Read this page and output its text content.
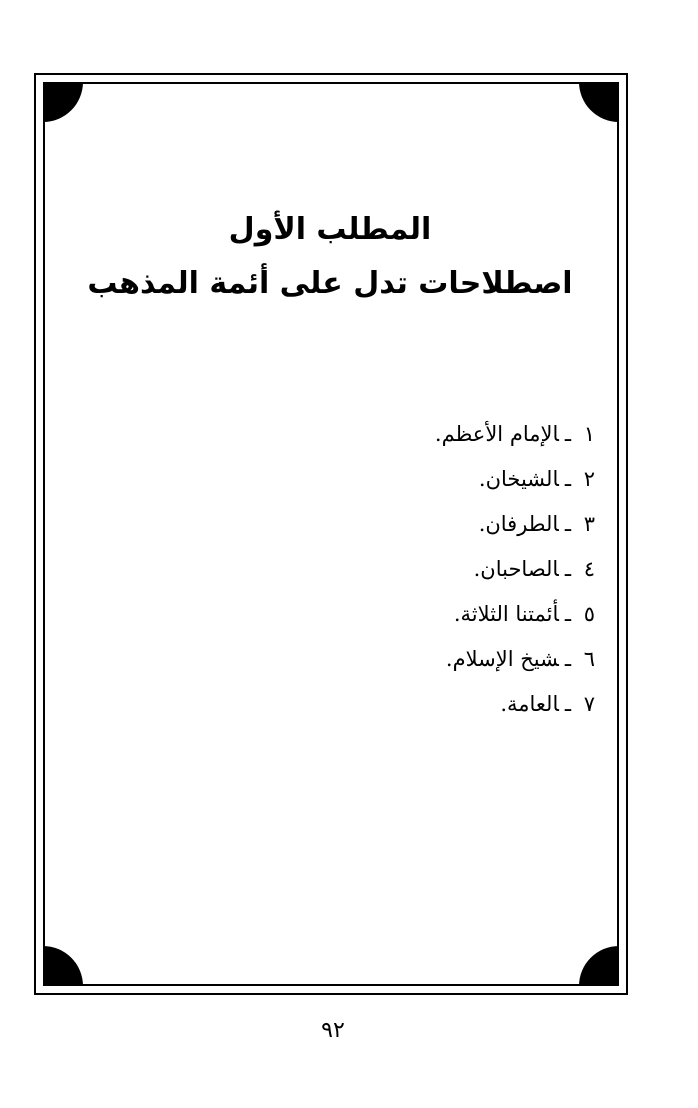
المطلب الأول
اصطلاحات تدل على أئمة المذهب
١ـالإمام الأعظم.
٢ـالشيخان.
٣ـالطرفان.
٤ـالصاحبان.
٥ـأئمتنا الثلاثة.
٦ـشيخ الإسلام.
٧ـالعامة.
٩٢
